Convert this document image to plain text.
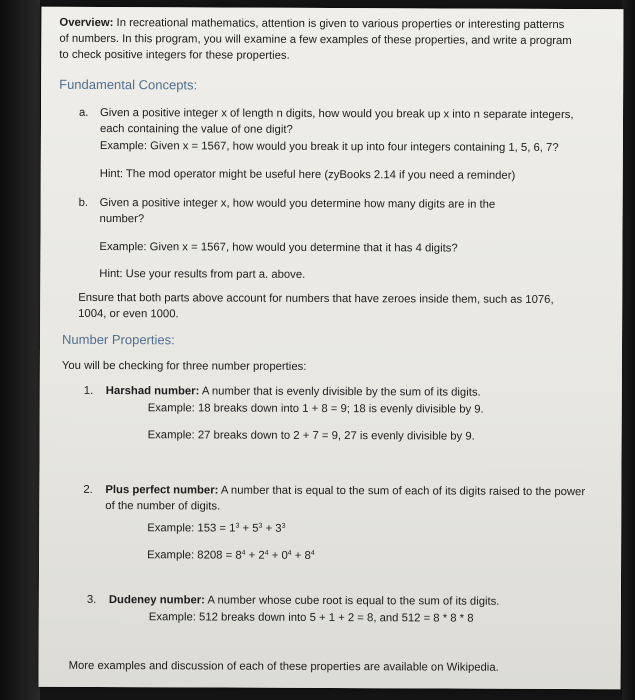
Overview: In recreational mathematics, attention is given to various properties or interesting patterns
of numbers. In this program, you will examine a few examples of these properties, and write a program
to check positive integers for these properties.
Fundamental Concepts:
a. Given a positive integer x of length n digits, how would you break up x into n separate integers,
each containing the value of one digit?
Example: Given x = 1567, how would you break it up into four integers containing 1, 5, 6, 7?
Hint: The mod operator might be useful here (zyBooks 2.14 if you need a reminder)
b. Given a positive integer x, how would you determine how many digits are in the
number?
Example: Given x = 1567, how would you determine that it has 4 digits?
Hint: Use your results from part a. above.
Ensure that both parts above account for numbers that have zeroes inside them, such as 1076,
1004, or even 1000.
Number Properties:
You will be checking for three number properties:
1. Harshad number: A number that is evenly divisible by the sum of its digits.
Example: 18 breaks down into 1 + 8 = 9; 18 is evenly divisible by 9.
Example: 27 breaks down to 2 + 7 = 9, 27 is evenly divisible by 9.
2. Plus perfect number: A number that is equal to the sum of each of its digits raised to the power
of the number of digits.
Example: $153 = 1^3 + 5^3 + 3^3$
Example: $8208 = 8^4 + 2^4 + 0^4 + 8^4$
3. Dudeney number: A number whose cube root is equal to the sum of its digits.
Example: 512 breaks down into 5 + 1 + 2 = 8, and 512 = 8 * 8 * 8
More examples and discussion of each of these properties are available on Wikipedia.
